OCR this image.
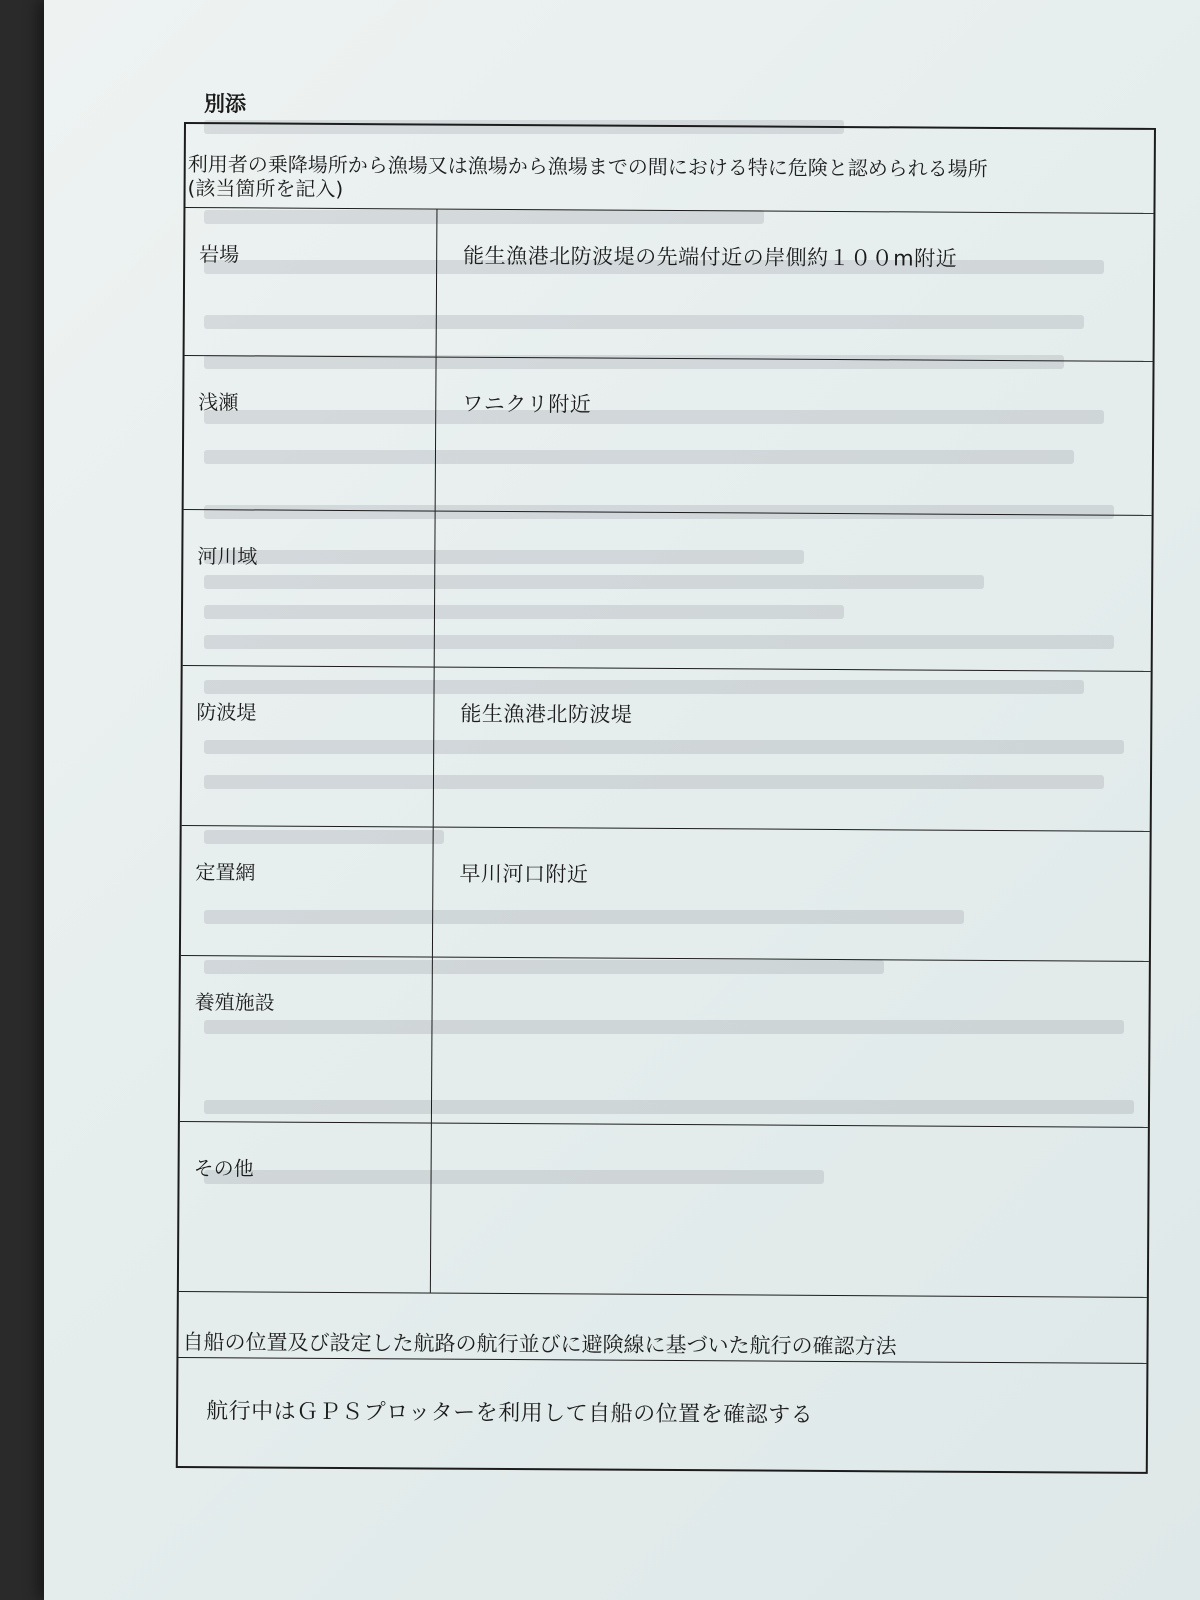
別添
利用者の乗降場所から漁場又は漁場から漁場までの間における特に危険と認められる場所
(該当箇所を記入)
岩場	能生漁港北防波堤の先端付近の岸側約１００m附近
浅瀬	ワニクリ附近
河川域
防波堤	能生漁港北防波堤
定置網	早川河口附近
養殖施設
その他
自船の位置及び設定した航路の航行並びに避険線に基づいた航行の確認方法
航行中はＧＰＳプロッターを利用して自船の位置を確認する
